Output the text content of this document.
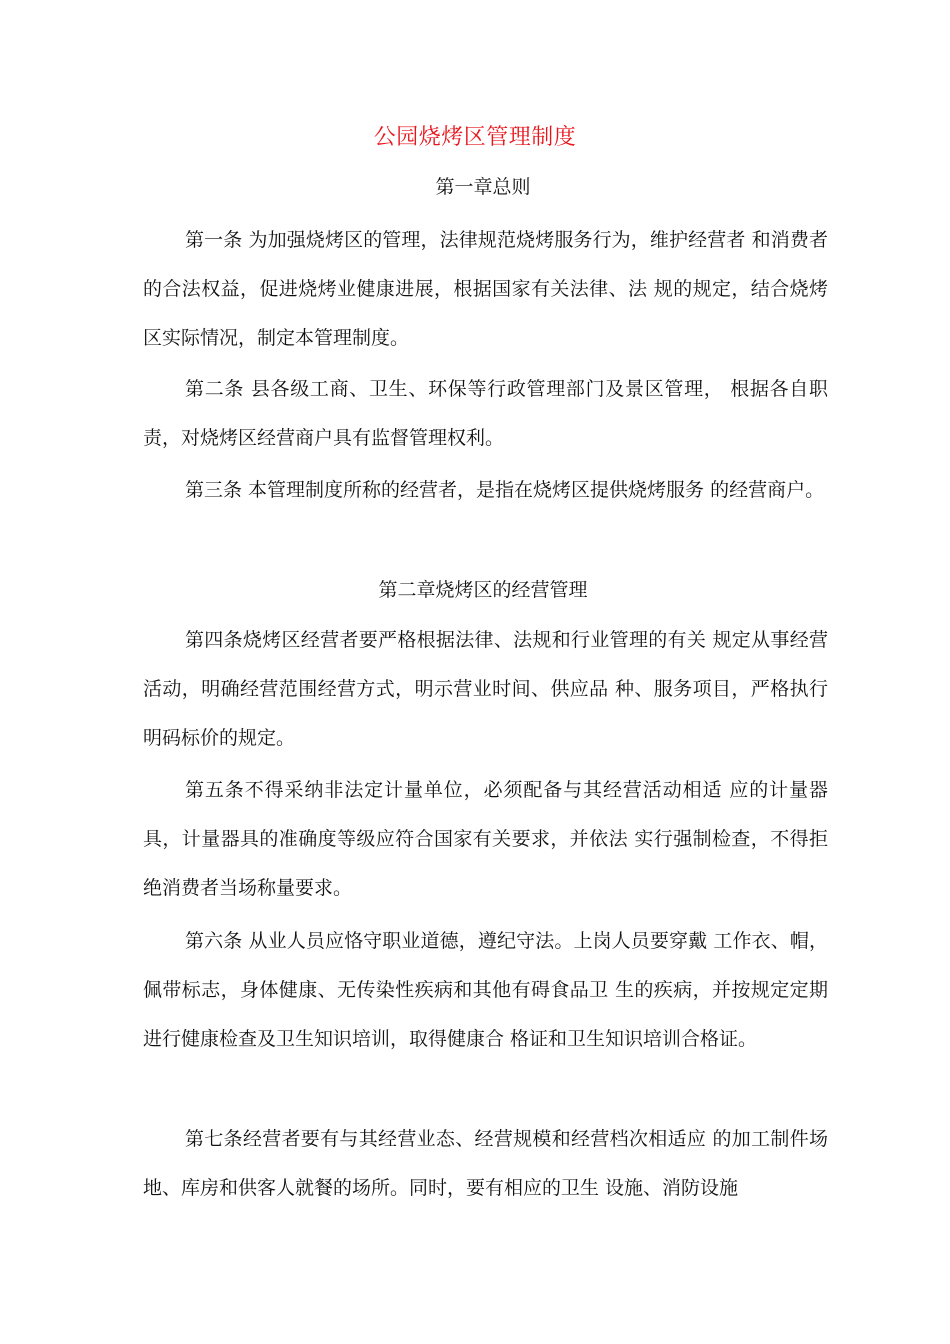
公园烧烤区管理制度
第一章总则

第一条 为加强烧烤区的管理，法律规范烧烤服务行为，维护经营者 和消费者的合法权益，促进烧烤业健康进展，根据国家有关法律、法 规的规定，结合烧烤区实际情况，制定本管理制度。

第二条 县各级工商、卫生、环保等行政管理部门及景区管理， 根据各自职责，对烧烤区经营商户具有监督管理权利。

第三条 本管理制度所称的经营者，是指在烧烤区提供烧烤服务 的经营商户。

第二章烧烤区的经营管理

第四条烧烤区经营者要严格根据法律、法规和行业管理的有关 规定从事经营活动，明确经营范围经营方式，明示营业时间、供应品 种、服务项目，严格执行明码标价的规定。

第五条不得采纳非法定计量单位，必须配备与其经营活动相适 应的计量器具，计量器具的准确度等级应符合国家有关要求，并依法 实行强制检查，不得拒绝消费者当场称量要求。

第六条 从业人员应恪守职业道德，遵纪守法。上岗人员要穿戴 工作衣、帽，佩带标志，身体健康、无传染性疾病和其他有碍食品卫 生的疾病，并按规定定期进行健康检查及卫生知识培训，取得健康合 格证和卫生知识培训合格证。

第七条经营者要有与其经营业态、经营规模和经营档次相适应 的加工制件场地、库房和供客人就餐的场所。同时，要有相应的卫生 设施、消防设施
